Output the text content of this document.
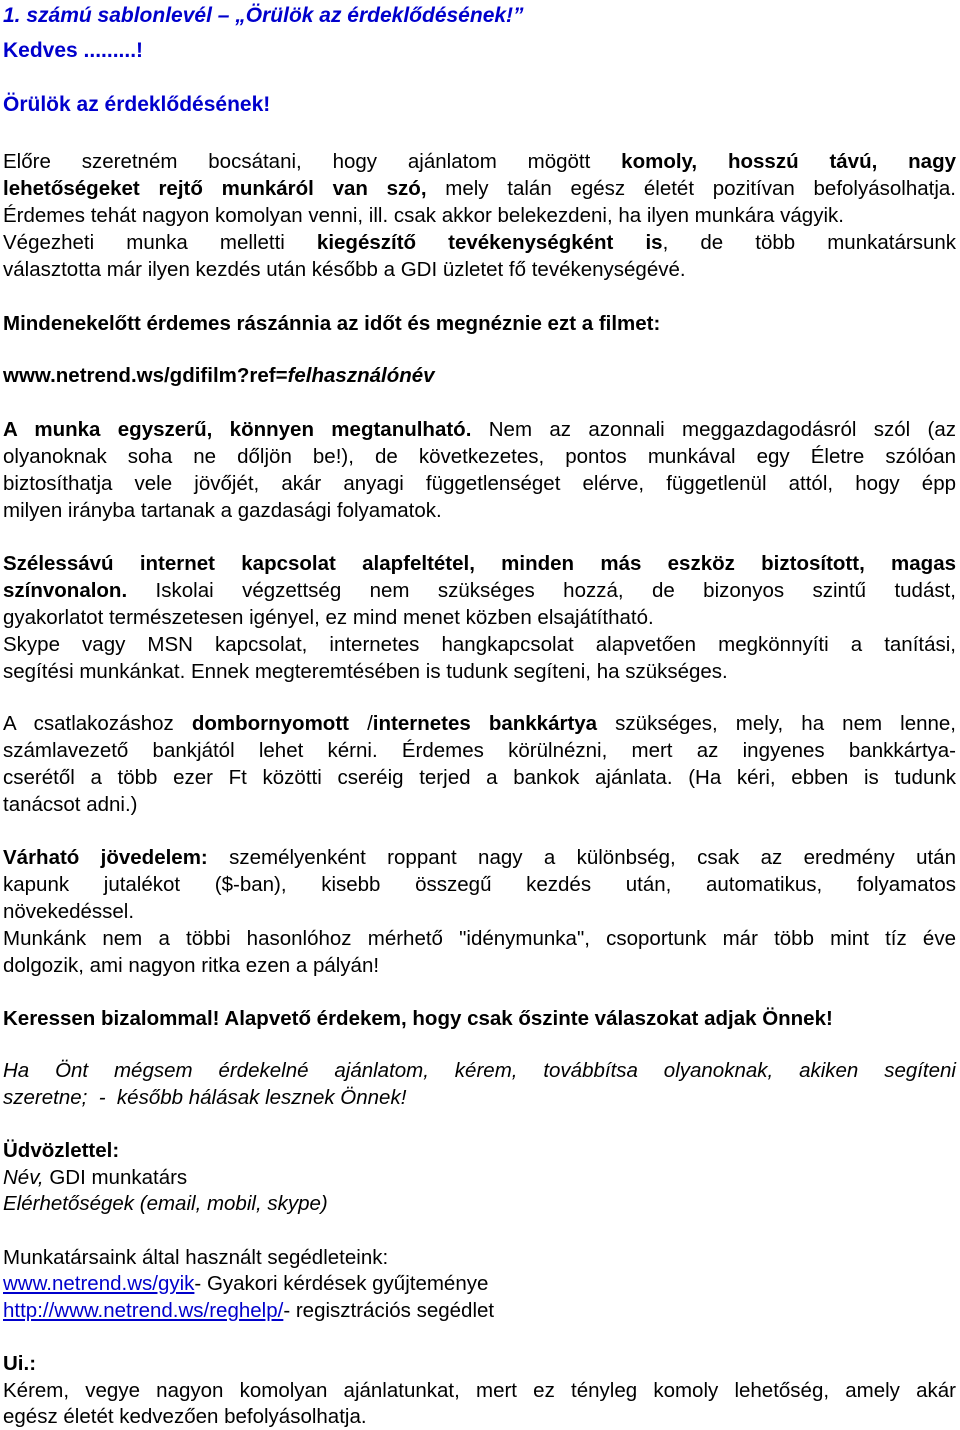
1. számú sablonlevél – „Örülök az érdeklődésének!”
Kedves .........!
Örülök az érdeklődésének!
Előre szeretném bocsátani, hogy ajánlatom mögött komoly, hosszú távú, nagy
lehetőségeket rejtő munkáról van szó, mely talán egész életét pozitívan befolyásolhatja.
Érdemes tehát nagyon komolyan venni, ill. csak akkor belekezdeni, ha ilyen munkára vágyik.
Végezheti munka melletti kiegészítő tevékenységként is, de több munkatársunk
választotta már ilyen kezdés után később a GDI üzletet fő tevékenységévé.
Mindenekelőtt érdemes rászánnia az időt és megnéznie ezt a filmet:
www.netrend.ws/gdifilm?ref=felhasználónév
A munka egyszerű, könnyen megtanulható. Nem az azonnali meggazdagodásról szól (az
olyanoknak soha ne dőljön be!), de következetes, pontos munkával egy Életre szólóan
biztosíthatja vele jövőjét, akár anyagi függetlenséget elérve, függetlenül attól, hogy épp
milyen irányba tartanak a gazdasági folyamatok.
Szélessávú internet kapcsolat alapfeltétel, minden más eszköz biztosított, magas
színvonalon. Iskolai végzettség nem szükséges hozzá, de bizonyos szintű tudást,
gyakorlatot természetesen igényel, ez mind menet közben elsajátítható.
Skype vagy MSN kapcsolat, internetes hangkapcsolat alapvetően megkönnyíti a tanítási,
segítési munkánkat. Ennek megteremtésében is tudunk segíteni, ha szükséges.
A csatlakozáshoz dombornyomott /internetes bankkártya szükséges, mely, ha nem lenne,
számlavezető bankjától lehet kérni. Érdemes körülnézni, mert az ingyenes bankkártya-
cserétől a több ezer Ft közötti cseréig terjed a bankok ajánlata. (Ha kéri, ebben is tudunk
tanácsot adni.)
Várható jövedelem: személyenként roppant nagy a különbség, csak az eredmény után
kapunk jutalékot ($-ban), kisebb összegű kezdés után, automatikus, folyamatos
növekedéssel.
Munkánk nem a többi hasonlóhoz mérhető "idénymunka", csoportunk már több mint tíz éve
dolgozik, ami nagyon ritka ezen a pályán!
Keressen bizalommal! Alapvető érdekem, hogy csak őszinte válaszokat adjak Önnek!
Ha Önt mégsem érdekelné ajánlatom, kérem, továbbítsa olyanoknak, akiken segíteni
szeretne;  -  később hálásak lesznek Önnek!
Üdvözlettel:
Név, GDI munkatárs
Elérhetőségek (email, mobil, skype)
Munkatársaink által használt segédleteink:
www.netrend.ws/gyik- Gyakori kérdések gyűjteménye
http://www.netrend.ws/reghelp/- regisztrációs segédlet
Ui.:
Kérem, vegye nagyon komolyan ajánlatunkat, mert ez tényleg komoly lehetőség, amely akár
egész életét kedvezően befolyásolhatja.
